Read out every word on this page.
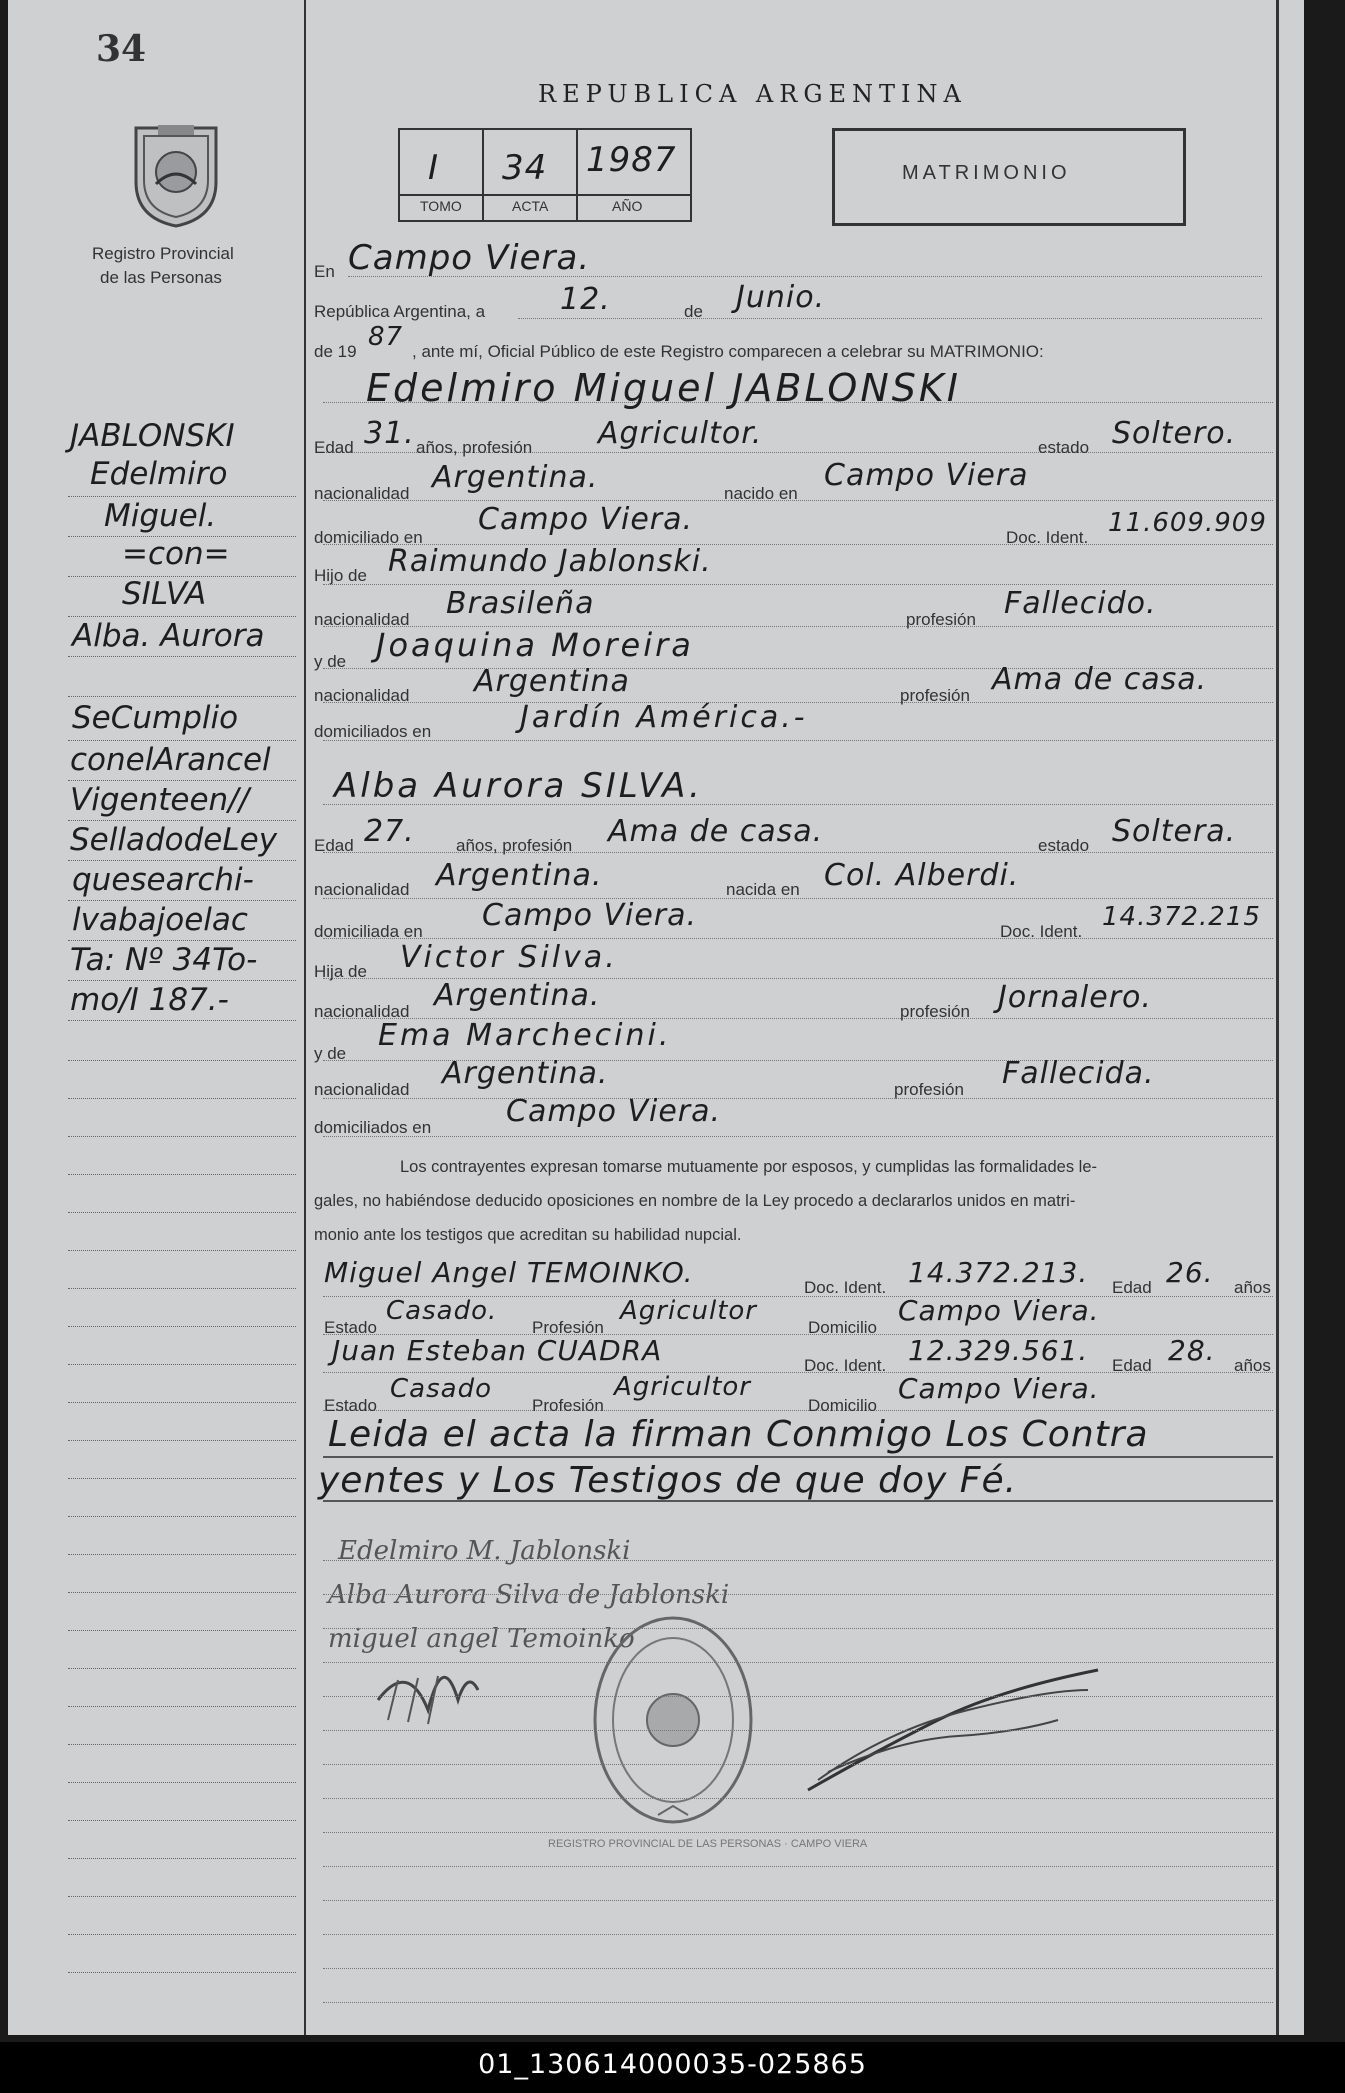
34
Registro Provincial
de las Personas
REPUBLICA ARGENTINA
I 34 1987
TOMO	ACTA	AÑO
MATRIMONIO
En Campo Viera.
República Argentina, a 12.	de Junio.
de 19 87 , ante mí, Oficial Público de este Registro comparecen a celebrar su MATRIMONIO:
Edelmiro Miguel JABLONSKI
Edad 31. años, profesión Agricultor.	estado Soltero.
nacionalidad Argentina.	nacido en
Campo Viera
domiciliado en
Campo Viera.
Doc. Ident. 11.609.909
Hijo de Raimundo Jablonski.
nacionalidad Brasileña	profesión Fallecido.
y de Joaquina Moreira
nacionalidad Argentina	profesión Ama de casa.
domiciliados en	Jardín América.-
Alba Aurora SILVA.
Edad 27. años, profesión Ama de casa.	estado Soltera.
nacionalidad Argentina.	nacida en Col. Alberdi.
domiciliada en Campo Viera.	Doc. Ident. 14.372.215
Hija de Victor Silva.
nacionalidad Argentina.	profesión Jornalero.
y de
Ema Marchecini.
nacionalidad Argentina.	profesión Fallecida.
domiciliados en Campo Viera.
Los contrayentes expresan tomarse mutuamente por esposos, y cumplidas las formalidades le-
gales, no habiéndose deducido oposiciones en nombre de la Ley procedo a declararlos unidos en matri-
monio ante los testigos que acreditan su habilidad nupcial.
Miguel Angel TEMOINKO.	Doc. Ident. 14.372.213. Edad 26. años
Estado
Casado.
Profesión
Agricultor
Domicilio
Campo Viera.
Juan Esteban CUADRA	Doc. Ident. 12.329.561. Edad 28. años
Estado
Casado
Profesión
Agricultor
Domicilio
Campo Viera.
Leida el acta la firman Conmigo Los Contra
yentes y Los Testigos de que doy Fé.
Edelmiro M. Jablonski
Alba Aurora Silva de Jablonski
miguel angel Temoinko
REGISTRO PROVINCIAL DE LAS PERSONAS · CAMPO VIERA
JABLONSKI
Edelmiro
Miguel.
=con=
SILVA
Alba. Aurora
SeCumplio
conelArancel
Vigenteen//
SelladodeLey
quesearchi-
lvabajoelac
Ta: Nº 34To-
mo/I 187.-
01_130614000035-025865
